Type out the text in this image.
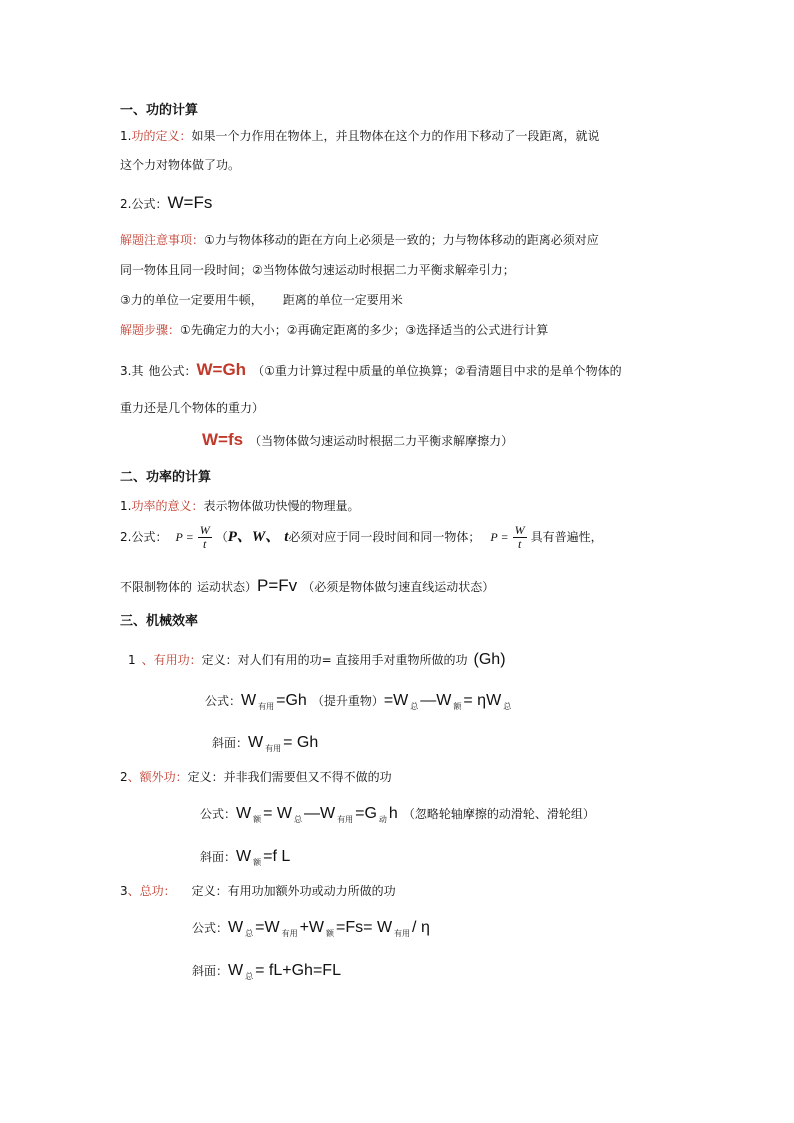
一、功的计算
1.功的定义：如果一个力作用在物体上，并且物体在这个力的作用下移动了一段距离，就说
这个力对物体做了功。
2.公式：W=Fs
解题注意事项：①力与物体移动的距在方向上必须是一致的；力与物体移动的距离必须对应
同一物体且同一段时间；②当物体做匀速运动时根据二力平衡求解牵引力；
③力的单位一定要用牛顿， 距离的单位一定要用米
解题步骤：①先确定力的大小；②再确定距离的多少；③选择适当的公式进行计算
3.其 他公式：W=Gh （①重力计算过程中质量的单位换算；②看清题目中求的是单个物体的
重力还是几个物体的重力）
W=fs （当物体做匀速运动时根据二力平衡求解摩擦力）
二、功率的计算
1.功率的意义：表示物体做功快慢的物理量。
2.公式： $P = \frac{W}{t} (P$、W、 t必须对应于同一段时间和同一物体； $P = \frac{W}{t}$ 具有普遍性，
不限制物体的 运动状态）P=Fv （必须是物体做匀速直线运动状态）
三、机械效率
1 、有用功：定义：对人们有用的功= 直接用手对重物所做的功 (Gh)
公式：W $_{有用}$ =Gh （提升重物）=W $_总$ —W $_额$ = ηW $_总$
斜面：W $_{有用}$ = Gh
2、额外功：定义：并非我们需要但又不得不做的功
公式：W $_额$ = W $_总$ —W $_{有用}$ =G $_动$ h （忽略轮轴摩擦的动滑轮、滑轮组）
斜面：W $_额$ =f L
3、总功： 定义：有用功加额外功或动力所做的功
公式：W $_总$ =W $_{有用}$ +W $_额$ =Fs= W $_{有用}$ / η
斜面：W $_总$ = fL+Gh=FL
